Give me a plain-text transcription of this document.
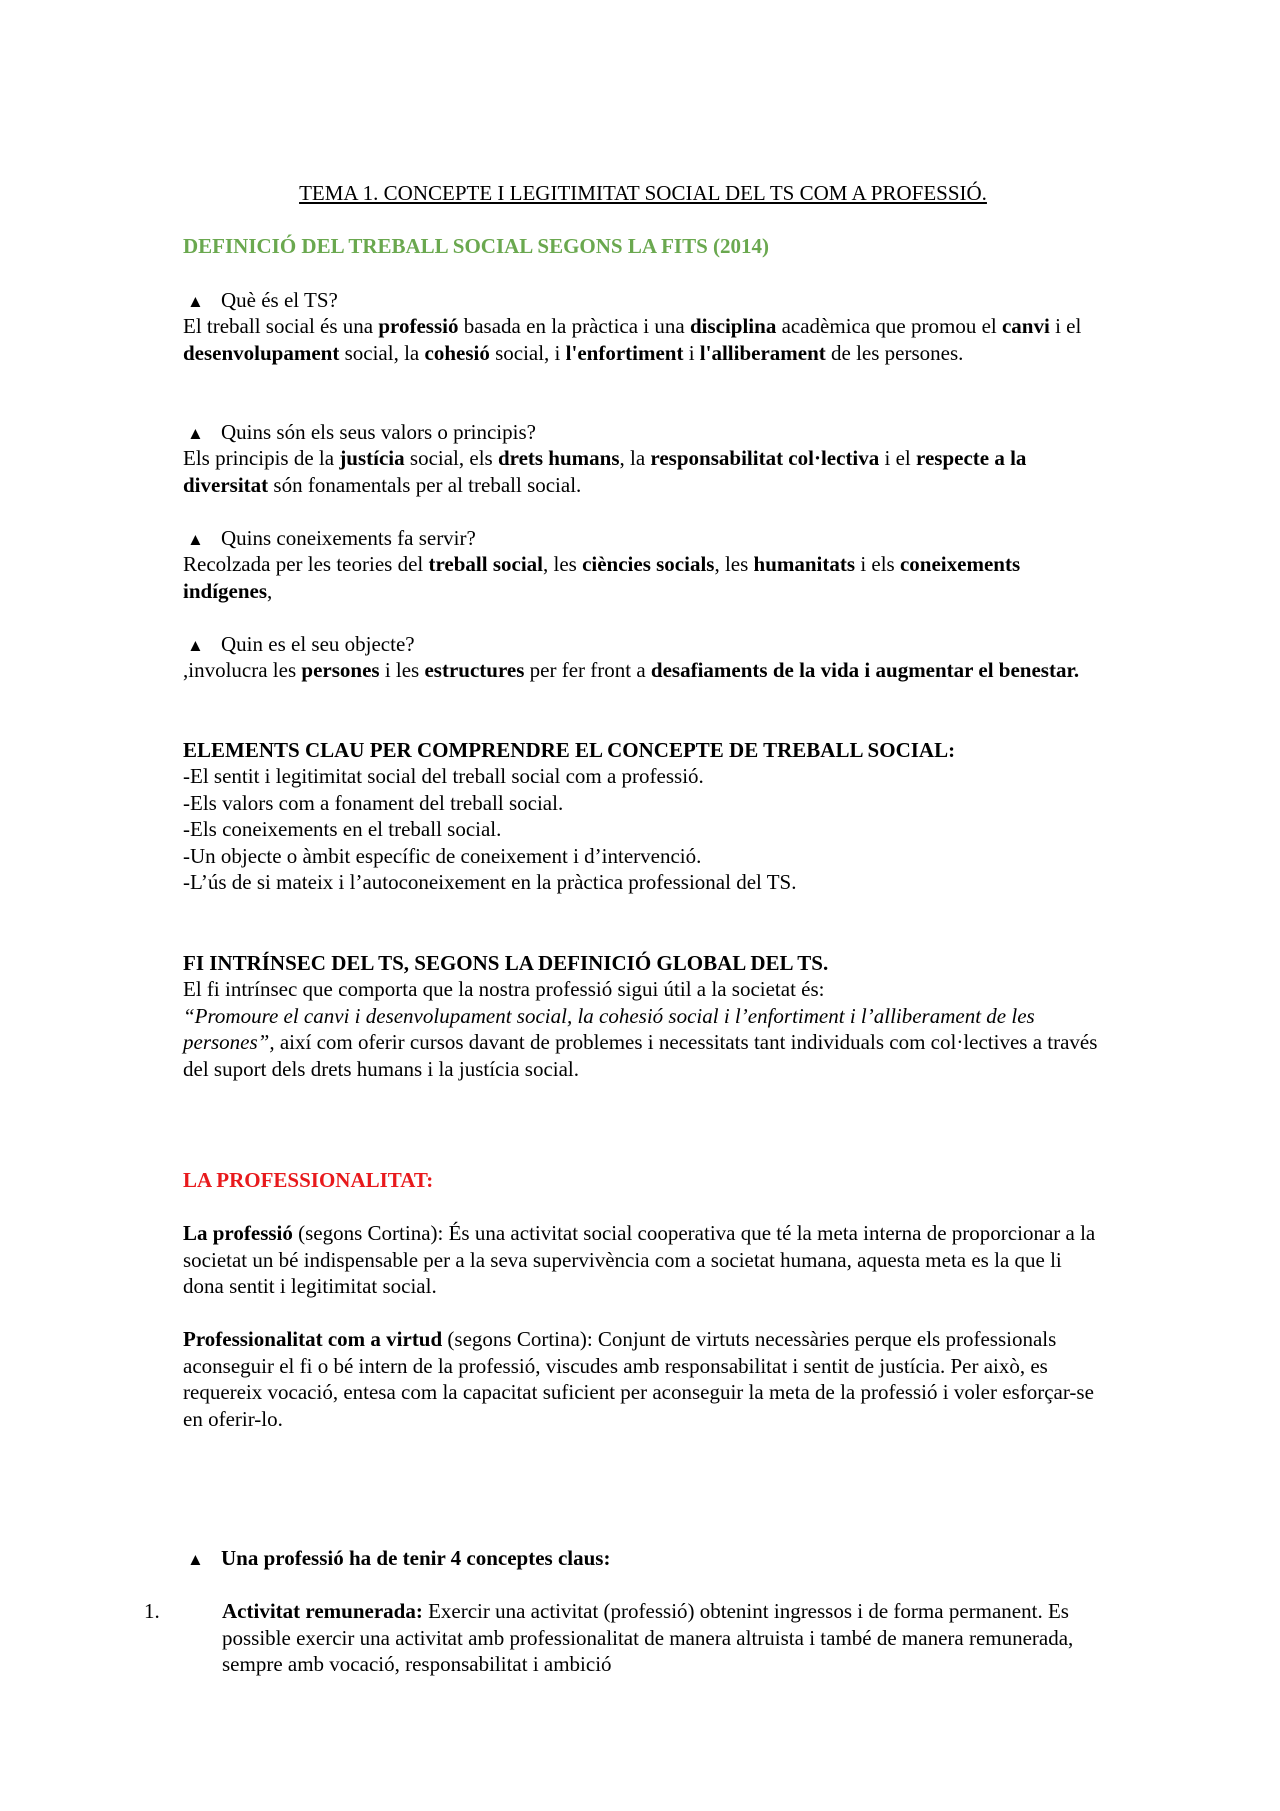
TEMA 1. CONCEPTE I LEGITIMITAT SOCIAL DEL TS COM A PROFESSIÓ.

DEFINICIÓ DEL TREBALL SOCIAL SEGONS LA FITS (2014)

▲ Què és el TS?

El treball social és una professió basada en la pràctica i una disciplina acadèmica que promou el canvi i el desenvolupament social, la cohesió social, i l'enfortiment i l'alliberament de les persones.

▲ Quins són els seus valors o principis?

Els principis de la justícia social, els drets humans, la responsabilitat col·lectiva i el respecte a la diversitat són fonamentals per al treball social.

▲ Quins coneixements fa servir?

Recolzada per les teories del treball social, les ciències socials, les humanitats i els coneixements indígenes,

▲ Quin es el seu objecte?

,involucra les persones i les estructures per fer front a desafiaments de la vida i augmentar el benestar.

ELEMENTS CLAU PER COMPRENDRE EL CONCEPTE DE TREBALL SOCIAL:

-El sentit i legitimitat social del treball social com a professió.

-Els valors com a fonament del treball social.

-Els coneixements en el treball social.

-Un objecte o àmbit específic de coneixement i d’intervenció.

-L’ús de si mateix i l’autoconeixement en la pràctica professional del TS.

FI INTRÍNSEC DEL TS, SEGONS LA DEFINICIÓ GLOBAL DEL TS.

El fi intrínsec que comporta que la nostra professió sigui útil a la societat és:
“Promoure el canvi i desenvolupament social, la cohesió social i l’enfortiment i l’alliberament de les persones”, així com oferir cursos davant de problemes i necessitats tant individuals com col·lectives a través del suport dels drets humans i la justícia social.

LA PROFESSIONALITAT:

La professió (segons Cortina): És una activitat social cooperativa que té la meta interna de proporcionar a la societat un bé indispensable per a la seva supervivència com a societat humana, aquesta meta es la que li dona sentit i legitimitat social.

Professionalitat com a virtud (segons Cortina): Conjunt de virtuts necessàries perque els professionals aconseguir el fi o bé intern de la professió, viscudes amb responsabilitat i sentit de justícia. Per això, es requereix vocació, entesa com la capacitat suficient per aconseguir la meta de la professió i voler esforçar-se en oferir-lo.

▲ Una professió ha de tenir 4 conceptes claus:

1.	Activitat remunerada: Exercir una activitat (professió) obtenint ingressos i de forma permanent. Es possible exercir una activitat amb professionalitat de manera altruista i també de manera remunerada, sempre amb vocació, responsabilitat i ambició
